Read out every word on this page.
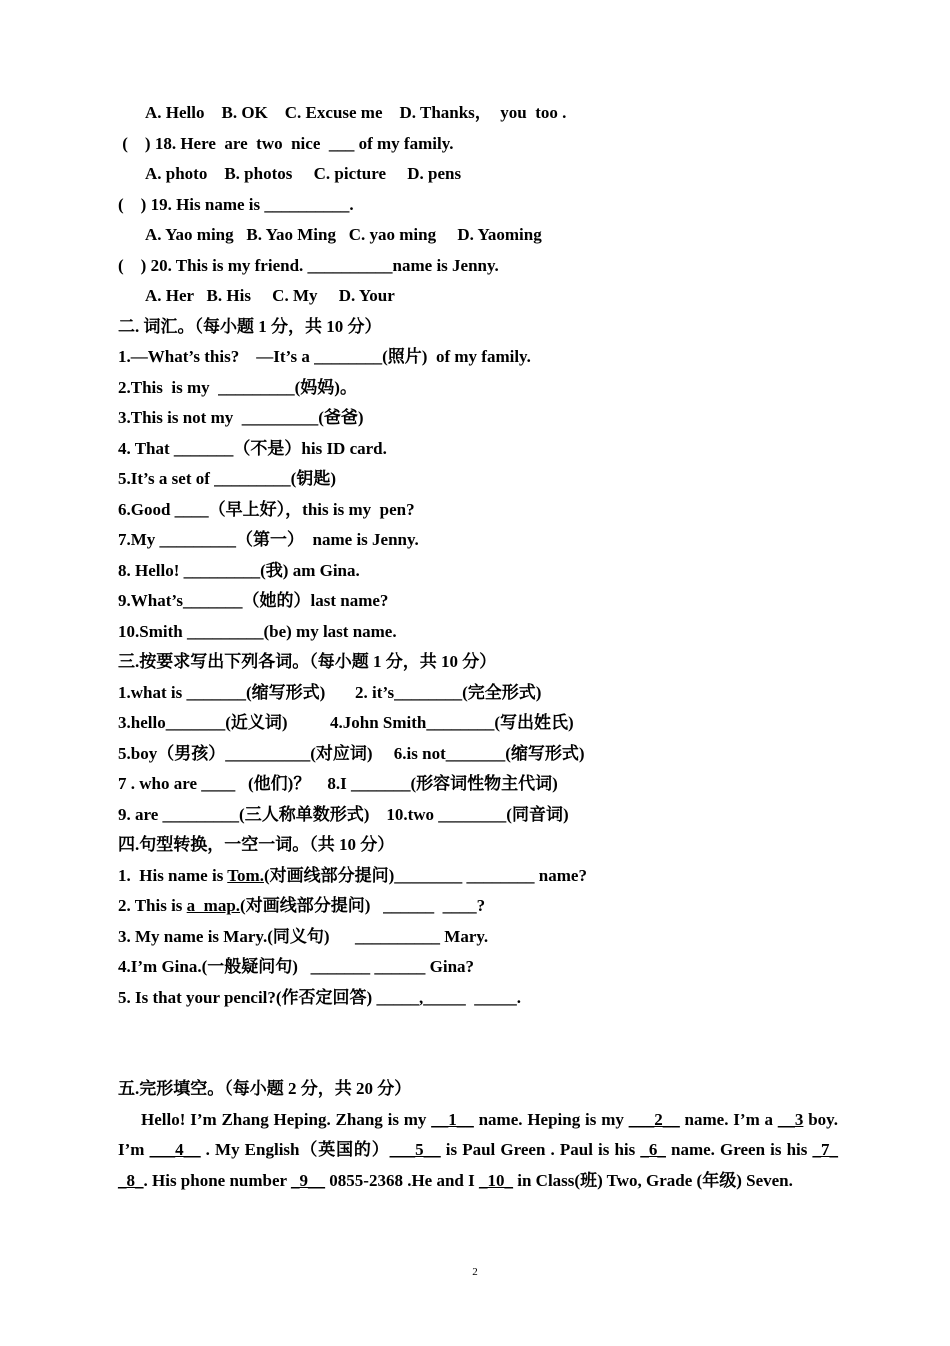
A. Hello    B. OK    C. Excuse me    D. Thanks，  you  too .
(    ) 18. Here  are  two  nice  ___ of my family.
A. photo    B. photos     C. picture     D. pens
(    ) 19. His name is __________.
A. Yao ming   B. Yao Ming   C. yao ming     D. Yaoming
(    ) 20. This is my friend. __________name is Jenny.
A. Her   B. His     C. My     D. Your
二. 词汇。（每小题 1 分，共 10 分）
1.—What’s this?    —It’s a ________(照片)  of my family.
2.This  is my  _________(妈妈)。
3.This is not my  _________(爸爸)
4. That _______（不是）his ID card.
5.It’s a set of _________(钥匙)
6.Good ____（早上好），this is my  pen?
7.My _________（第一）  name is Jenny.
8. Hello! _________(我) am Gina.
9.What’s_______（她的）last name?
10.Smith _________(be) my last name.
三.按要求写出下列各词。（每小题 1 分，共 10 分）
1.what is _______(缩写形式)       2. it’s________(完全形式)
3.hello_______(近义词)          4.John Smith________(写出姓氏)
5.boy（男孩）__________(对应词)     6.is not_______(缩写形式)
7 . who are ____   (他们)？    8.I _______(形容词性物主代词)
9. are _________(三人称单数形式)    10.two ________(同音词)
四.句型转换，一空一词。（共 10 分）
1.  His name is Tom.(对画线部分提问)________ ________ name?
2. This is a  map.(对画线部分提问)   ______  ____?
3. My name is Mary.(同义句)      __________ Mary.
4.I’m Gina.(一般疑问句)   _______ ______ Gina?
5. Is that your pencil?(作否定回答) _____,_____  _____.
五.完形填空。（每小题 2 分，共 20 分）
Hello! I’m Zhang Heping. Zhang is my __1__ name. Heping is my ___2__ name. I’m a __3 boy. I’m ___4__ . My English（英国的）___5__ is Paul Green . Paul is his _6_ name. Green is his _7_ _8_. His phone number _9__ 0855-2368 .He and I _10_ in Class(班) Two, Grade (年级) Seven.
2
